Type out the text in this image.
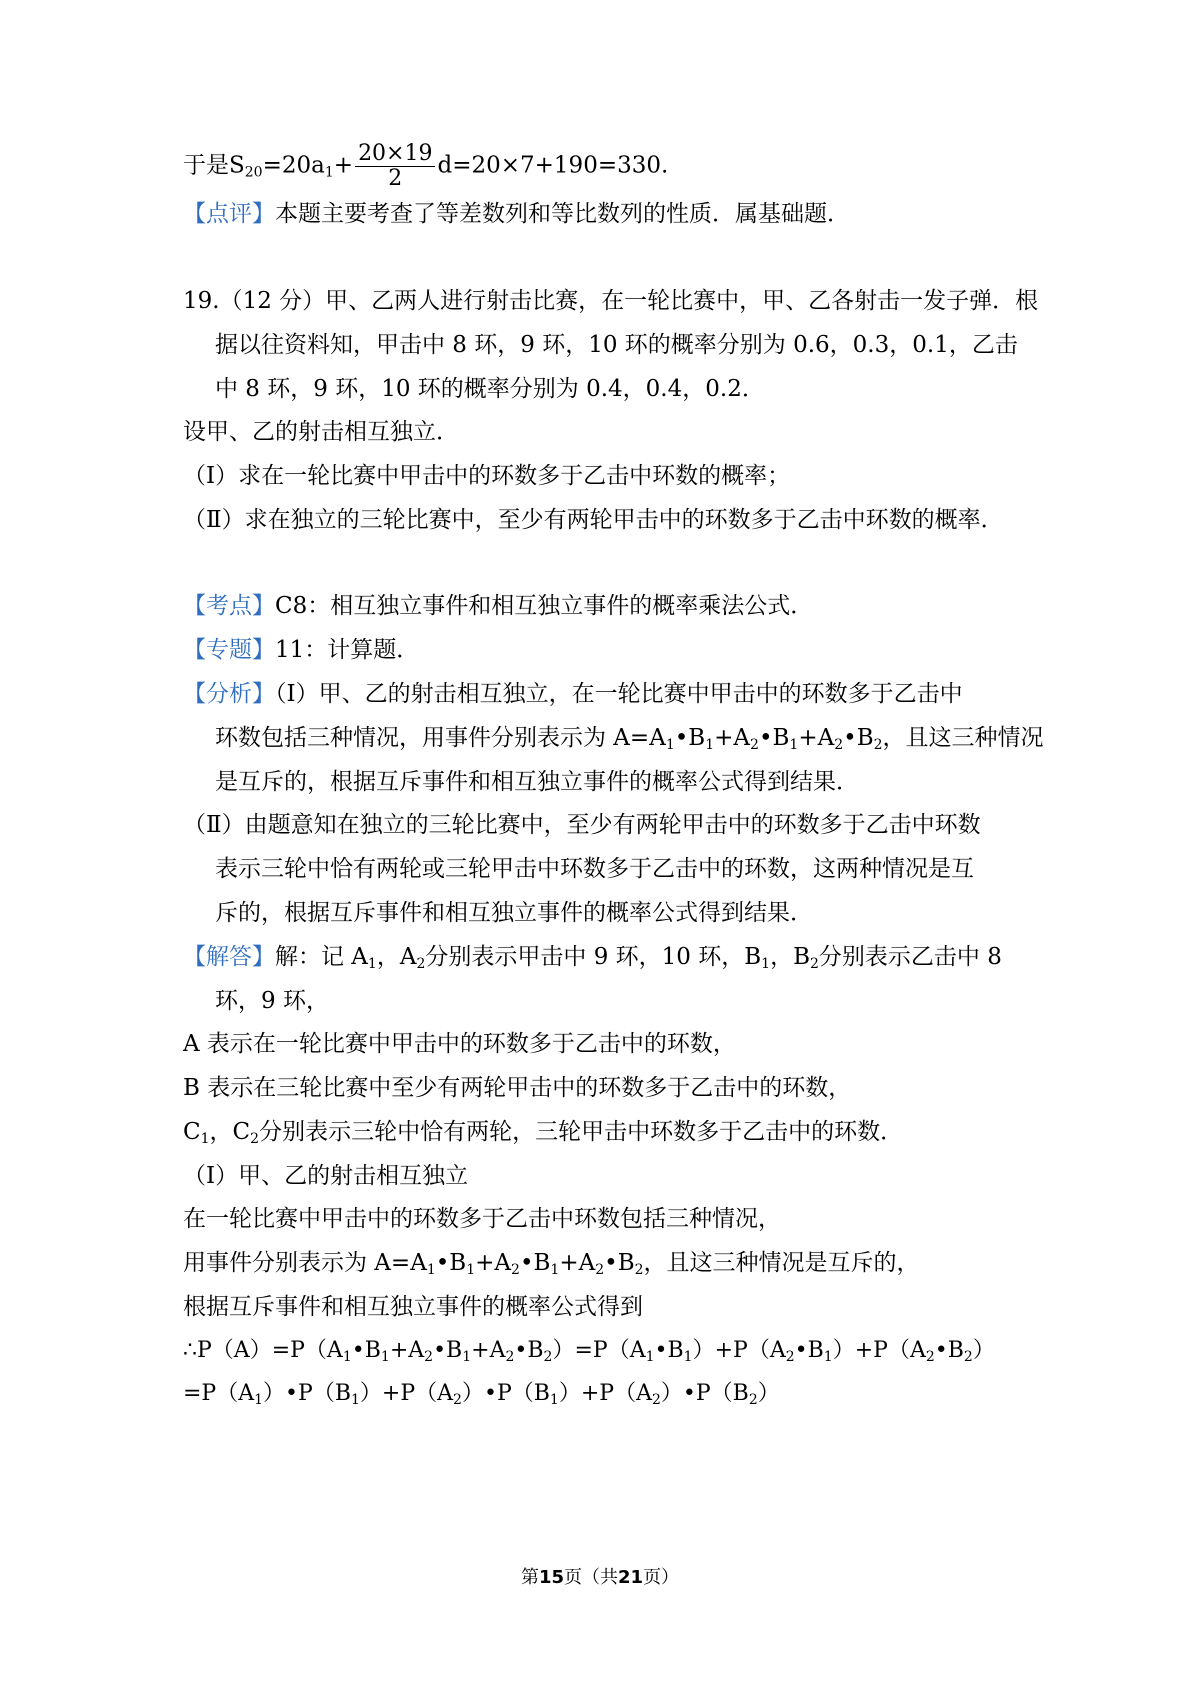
于是$S_{20}=20a_1+ \frac{20\times 19}{2} d=20\times 7+190=330$.
【点评】本题主要考查了等差数列和等比数列的性质．属基础题．
19.（12 分）甲、乙两人进行射击比赛，在一轮比赛中，甲、乙各射击一发子弹．根
据以往资料知，甲击中 8 环，9 环，10 环的概率分别为 0.6，0.3，0.1，乙击
中 8 环，9 环，10 环的概率分别为 0.4，0.4，0.2．
设甲、乙的射击相互独立．
（Ⅰ）求在一轮比赛中甲击中的环数多于乙击中环数的概率；
（Ⅱ）求在独立的三轮比赛中，至少有两轮甲击中的环数多于乙击中环数的概率．
【考点】C8：相互独立事件和相互独立事件的概率乘法公式．
【专题】11：计算题．
【分析】（Ⅰ）甲、乙的射击相互独立，在一轮比赛中甲击中的环数多于乙击中
环数包括三种情况，用事件分别表示为 $A=A_1•B_1+A_2•B_1+A_2•B_2$，且这三种情况
是互斥的，根据互斥事件和相互独立事件的概率公式得到结果．
（Ⅱ）由题意知在独立的三轮比赛中，至少有两轮甲击中的环数多于乙击中环数
表示三轮中恰有两轮或三轮甲击中环数多于乙击中的环数，这两种情况是互
斥的，根据互斥事件和相互独立事件的概率公式得到结果．
【解答】解：记 $A_1$，$A_2$分别表示甲击中 9 环，10 环，$B_1$，$B_2$分别表示乙击中 8
环，9 环，
A 表示在一轮比赛中甲击中的环数多于乙击中的环数，
B 表示在三轮比赛中至少有两轮甲击中的环数多于乙击中的环数，
$C_1$，$C_2$分别表示三轮中恰有两轮，三轮甲击中环数多于乙击中的环数．
（Ⅰ）甲、乙的射击相互独立
在一轮比赛中甲击中的环数多于乙击中环数包括三种情况，
用事件分别表示为 $A=A_1•B_1+A_2•B_1+A_2•B_2$，且这三种情况是互斥的，
根据互斥事件和相互独立事件的概率公式得到
$\therefore P(A)=P(A_1•B_1+A_2•B_1+A_2•B_2)=P(A_1•B_1)+P(A_2•B_1)+P(A_2•B_2)$
$=P(A_1)•P(B_1)+P(A_2)•P(B_1)+P(A_2)•P(B_2)$
第15页（共21页）
